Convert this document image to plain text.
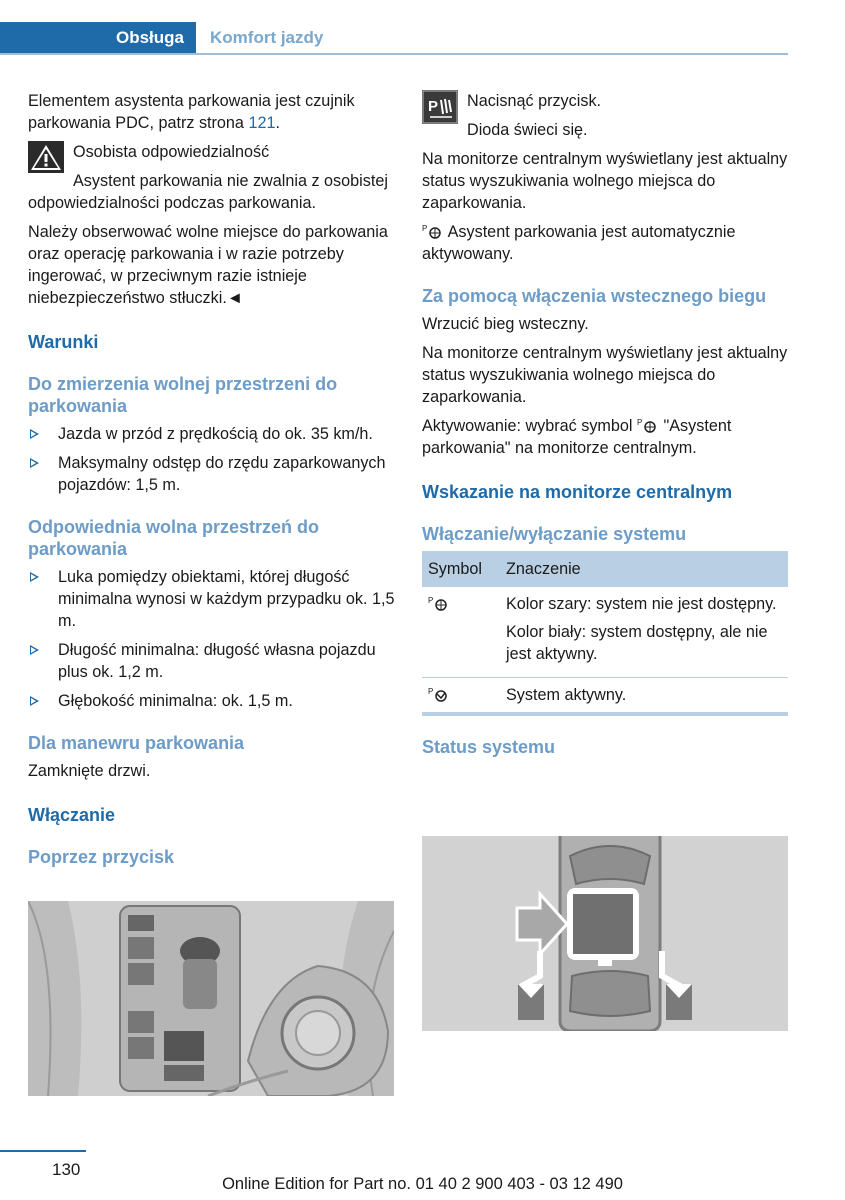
Obsługa	Komfort jazdy

Elementem asystenta parkowania jest czujnik parkowania PDC, patrz strona 121.

Osobista odpowiedzialność

Asystent parkowania nie zwalnia z osobistej odpowiedzialności podczas parkowania.

Należy obserwować wolne miejsce do parkowania oraz operację parkowania i w razie potrzeby ingerować, w przeciwnym razie istnieje niebezpieczeństwo stłuczki.◄

Warunki
Do zmierzenia wolnej przestrzeni do parkowania
Jazda w przód z prędkością do ok. 35 km/h.
Maksymalny odstęp do rzędu zaparkowanych pojazdów: 1,5 m.
Odpowiednia wolna przestrzeń do parkowania
Luka pomiędzy obiektami, której długość minimalna wynosi w każdym przypadku ok. 1,5 m.
Długość minimalna: długość własna pojazdu plus ok. 1,2 m.
Głębokość minimalna: ok. 1,5 m.
Dla manewru parkowania

Zamknięte drzwi.

Włączanie
Poprzez przycisk
P Nacisnąć przycisk.

Dioda świeci się.

Na monitorze centralnym wyświetlany jest aktualny status wyszukiwania wolnego miejsca do zaparkowania.

P Asystent parkowania jest automatycznie aktywowany.

Za pomocą włączenia wstecznego biegu

Wrzucić bieg wsteczny.

Na monitorze centralnym wyświetlany jest aktualny status wyszukiwania wolnego miejsca do zaparkowania.

Aktywowanie: wybrać symbol P "Asystent parkowania" na monitorze centralnym.

Wskazanie na monitorze centralnym
Włączanie/wyłączanie systemu
Symbol	Znaczenie

P	Kolor szary: system nie jest dostępny.

Kolor biały: system dostępny, ale nie jest aktywny.

P	System aktywny.
Status systemu
130
Online Edition for Part no. 01 40 2 900 403 - 03 12 490
